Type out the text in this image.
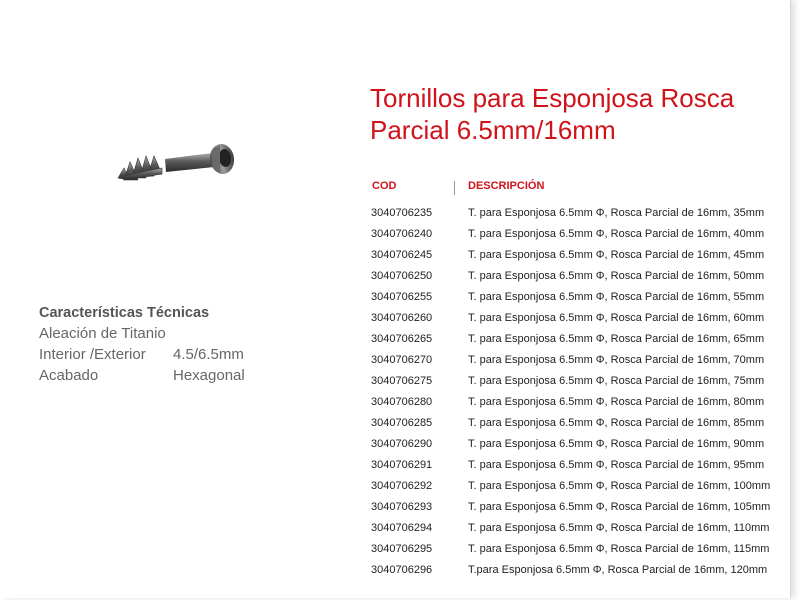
Tornillos para Esponjosa Rosca
Parcial 6.5mm/16mm
Características Técnicas
Aleación de Titanio
Interior /Exterior	4.5/6.5mm
Acabado	Hexagonal
COD	DESCRIPCIÓN
3040706235	T. para Esponjosa 6.5mm Φ, Rosca Parcial de 16mm, 35mm
3040706240	T. para Esponjosa 6.5mm Φ, Rosca Parcial de 16mm, 40mm
3040706245	T. para Esponjosa 6.5mm Φ, Rosca Parcial de 16mm, 45mm
3040706250	T. para Esponjosa 6.5mm Φ, Rosca Parcial de 16mm, 50mm
3040706255	T. para Esponjosa 6.5mm Φ, Rosca Parcial de 16mm, 55mm
3040706260	T. para Esponjosa 6.5mm Φ, Rosca Parcial de 16mm, 60mm
3040706265	T. para Esponjosa 6.5mm Φ, Rosca Parcial de 16mm, 65mm
3040706270	T. para Esponjosa 6.5mm Φ, Rosca Parcial de 16mm, 70mm
3040706275	T. para Esponjosa 6.5mm Φ, Rosca Parcial de 16mm, 75mm
3040706280	T. para Esponjosa 6.5mm Φ, Rosca Parcial de 16mm, 80mm
3040706285	T. para Esponjosa 6.5mm Φ, Rosca Parcial de 16mm, 85mm
3040706290	T. para Esponjosa 6.5mm Φ, Rosca Parcial de 16mm, 90mm
3040706291	T. para Esponjosa 6.5mm Φ, Rosca Parcial de 16mm, 95mm
3040706292	T. para Esponjosa 6.5mm Φ, Rosca Parcial de 16mm, 100mm
3040706293	T. para Esponjosa 6.5mm Φ, Rosca Parcial de 16mm, 105mm
3040706294	T. para Esponjosa 6.5mm Φ, Rosca Parcial de 16mm, 110mm
3040706295	T. para Esponjosa 6.5mm Φ, Rosca Parcial de 16mm, 115mm
3040706296	T.para Esponjosa 6.5mm Φ, Rosca Parcial de 16mm, 120mm
